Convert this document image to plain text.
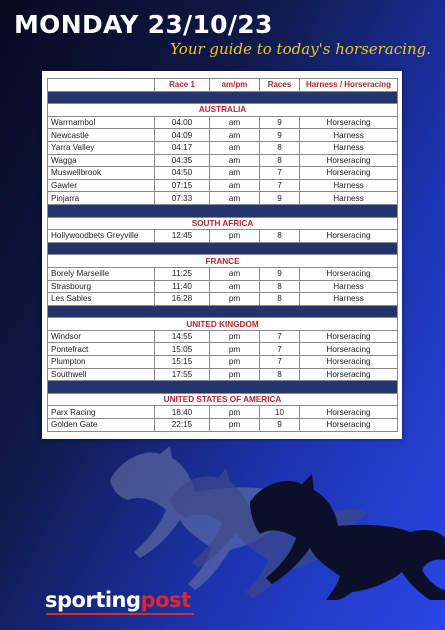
MONDAY 23/10/23
Your guide to today's horseracing.
	Race 1	am/pm	Races	Harness / Horseracing

AUSTRALIA				
Warrnambol	04:00	am	9	Horseracing
Newcastle	04:09	am	9	Harness
Yarra Valley	04:17	am	8	Harness
Wagga	04:35	am	8	Horseracing
Muswellbrook	04:50	am	7	Horseracing
Gawler	07:15	am	7	Harness
Pinjarra	07:33	am	9	Harness

SOUTH AFRICA				
Hollywoodbets Greyville	12:45	pm	8	Horseracing

FRANCE				
Borely Marseille	11:25	am	9	Horseracing
Strasbourg	11:40	am	8	Harness
Les Sables	16:28	pm	8	Harness

UNITED KINGDOM				
Windsor	14:55	pm	7	Horseracing
Pontefract	15:05	pm	7	Horseracing
Plumpton	15:15	pm	7	Horseracing
Southwell	17:55	pm	8	Horseracing

UNITED STATES OF AMERICA				
Parx Racing	18:40	pm	10	Horseracing
Golden Gate	22:15	pm	9	Horseracing
sportingpost
